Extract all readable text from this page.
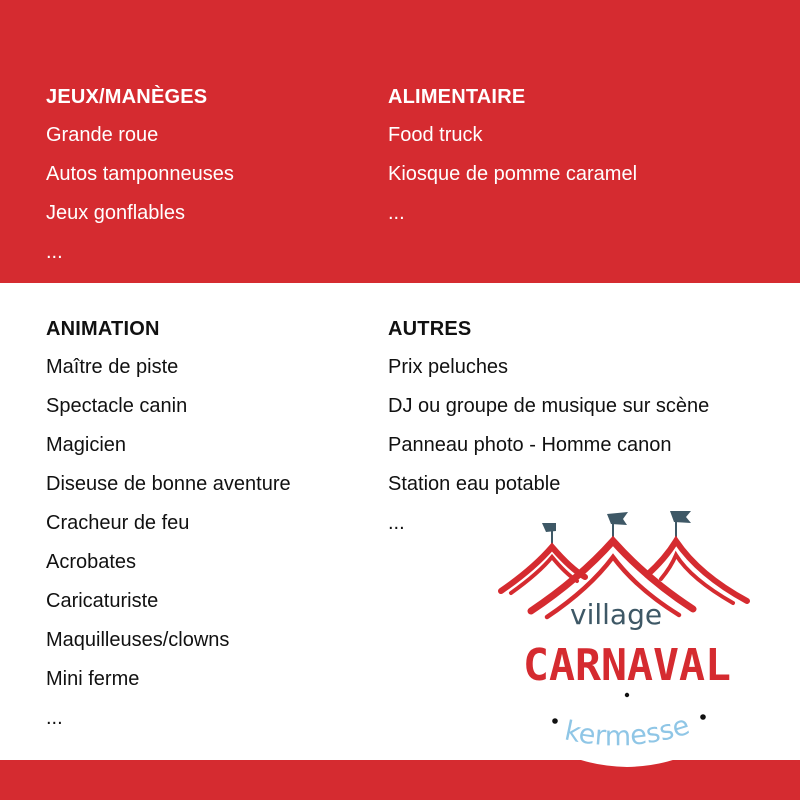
JEUX/MANÈGES
Grande roue
Autos tamponneuses
Jeux gonflables
...
ALIMENTAIRE
Food truck
Kiosque de pomme caramel
...
ANIMATION
Maître de piste
Spectacle canin
Magicien
Diseuse de bonne aventure
Cracheur de feu
Acrobates
Caricaturiste
Maquilleuses/clowns
Mini ferme
...
AUTRES
Prix peluches
DJ ou groupe de musique sur scène
Panneau photo - Homme canon
Station eau potable
...
village
CARNAVAL
kermesse
